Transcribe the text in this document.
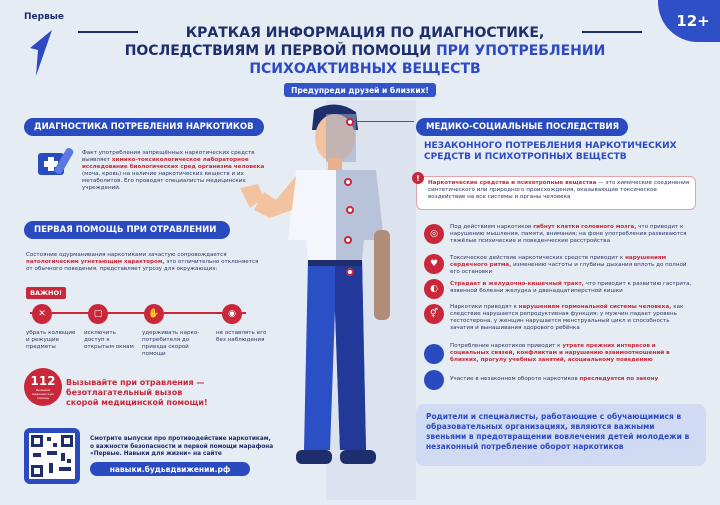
Первые	12+
КРАТКАЯ ИНФОРМАЦИЯ ПО ДИАГНОСТИКЕ,
ПОСЛЕДСТВИЯМ И ПЕРВОЙ ПОМОЩИ ПРИ УПОТРЕБЛЕНИИ
ПСИХОАКТИВНЫХ ВЕЩЕСТВ
Предупреди друзей и близких!
ДИАГНОСТИКА ПОТРЕБЛЕНИЯ НАРКОТИКОВ
Факт употребления запрещённых наркотических средств выявляет химико-токсикологическое лабораторное исследование биологических сред организма человека (моча, кровь) на наличие наркотических веществ и их метаболитов. Его проводят специалисты медицинских учреждений.
ПЕРВАЯ ПОМОЩЬ ПРИ ОТРАВЛЕНИИ
Состояние одурманивания наркотиками зачастую сопровождается патологическим угнетающим характером, это отличительно отклоняется от обычного поведения, представляет угрозу для окружающих:
ВАЖНО!
✕	▢	✋	◉
убрать колющие и режущие предметы
исключить доступ к открытым окнам
удерживать нарко-потребителя до приезда скорой помощи
не оставлять его без наблюдения
112
Вызывай медицинскую помощь
Вызывайте при отравления — безотлагательный вызов
скорой медицинской помощи!
Смотрите выпуски про противодействие наркотикам,
о важности безопасности и первой помощи марафона
«Первые. Навыки для жизни» на сайте
навыки.будьвдвижении.рф
МЕДИКО-СОЦИАЛЬНЫЕ ПОСЛЕДСТВИЯ
НЕЗАКОННОГО ПОТРЕБЛЕНИЯ НАРКОТИЧЕСКИХ
СРЕДСТВ И ПСИХОТРОПНЫХ ВЕЩЕСТВ
!
Наркотические средства и психотропные вещества — это химические соединения синтетического или природного происхождения, оказывающие токсическое воздействие на все системы и органы человека
◎
Под действием наркотиков гибнут клетки головного мозга, что приводит к нарушению мышления, памяти, внимания; на фоне употребления развиваются тяжёлые психические и поведенческие расстройства
♥
Токсическое действие наркотических средств приводит к нарушениям сердечного ритма, изменению частоты и глубины дыхания вплоть до полной его остановки
◐	Страдает и желудочно-кишечный тракт, что приводит к развитию гастрита, язвенной болезни желудка и двенадцатиперстной кишки
⚥
Наркотики приводят к нарушениям гормональной системы человека, как следствие нарушается репродуктивная функция: у мужчин падает уровень тестостерона, у женщин нарушается менструальный цикл и способность зачатия и вынашивания здорового ребёнка
Потребление наркотиков приводит к утрате прежних интересов и социальных связей, конфликтам и нарушению взаимоотношений в близких, прогулу учебных занятий, асоциальному поведению
Участие в незаконном обороте наркотиков преследуется по закону
Родители и специалисты, работающие с обучающимися в образовательных организациях, являются важными звеньями в предотвращении вовлечения детей молодежи в незаконный потребление оборот наркотиков
